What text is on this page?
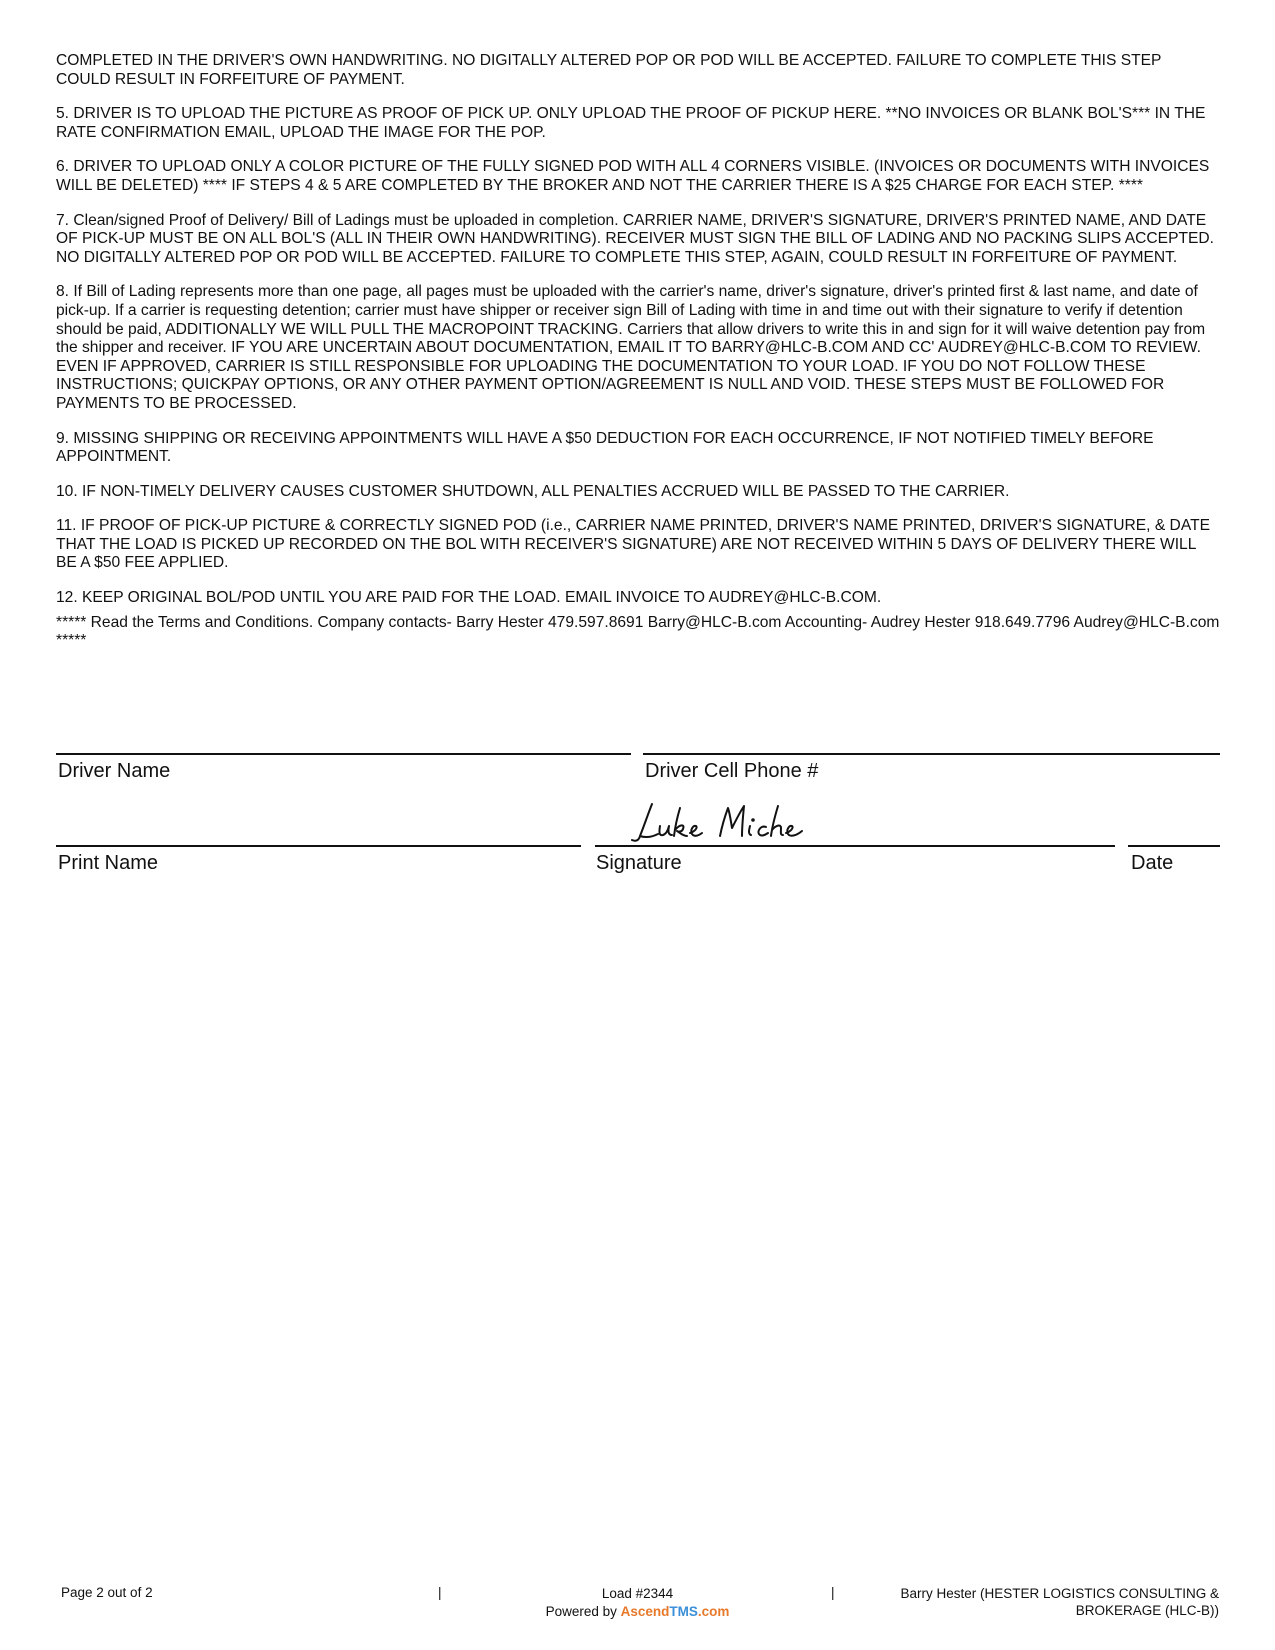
COMPLETED IN THE DRIVER'S OWN HANDWRITING. NO DIGITALLY ALTERED POP OR POD WILL BE ACCEPTED. FAILURE TO COMPLETE THIS STEP COULD RESULT IN FORFEITURE OF PAYMENT.

5. DRIVER IS TO UPLOAD THE PICTURE AS PROOF OF PICK UP. ONLY UPLOAD THE PROOF OF PICKUP HERE. **NO INVOICES OR BLANK BOL'S*** IN THE RATE CONFIRMATION EMAIL, UPLOAD THE IMAGE FOR THE POP.

6. DRIVER TO UPLOAD ONLY A COLOR PICTURE OF THE FULLY SIGNED POD WITH ALL 4 CORNERS VISIBLE. (INVOICES OR DOCUMENTS WITH INVOICES WILL BE DELETED) **** IF STEPS 4 & 5 ARE COMPLETED BY THE BROKER AND NOT THE CARRIER THERE IS A $25 CHARGE FOR EACH STEP. ****

7. Clean/signed Proof of Delivery/ Bill of Ladings must be uploaded in completion. CARRIER NAME, DRIVER'S SIGNATURE, DRIVER'S PRINTED NAME, AND DATE OF PICK-UP MUST BE ON ALL BOL'S (ALL IN THEIR OWN HANDWRITING). RECEIVER MUST SIGN THE BILL OF LADING AND NO PACKING SLIPS ACCEPTED. NO DIGITALLY ALTERED POP OR POD WILL BE ACCEPTED. FAILURE TO COMPLETE THIS STEP, AGAIN, COULD RESULT IN FORFEITURE OF PAYMENT.

8. If Bill of Lading represents more than one page, all pages must be uploaded with the carrier's name, driver's signature, driver's printed first & last name, and date of pick-up. If a carrier is requesting detention; carrier must have shipper or receiver sign Bill of Lading with time in and time out with their signature to verify if detention should be paid, ADDITIONALLY WE WILL PULL THE MACROPOINT TRACKING. Carriers that allow drivers to write this in and sign for it will waive detention pay from the shipper and receiver. IF YOU ARE UNCERTAIN ABOUT DOCUMENTATION, EMAIL IT TO BARRY@HLC-B.COM AND CC' AUDREY@HLC-B.COM TO REVIEW. EVEN IF APPROVED, CARRIER IS STILL RESPONSIBLE FOR UPLOADING THE DOCUMENTATION TO YOUR LOAD. IF YOU DO NOT FOLLOW THESE INSTRUCTIONS; QUICKPAY OPTIONS, OR ANY OTHER PAYMENT OPTION/AGREEMENT IS NULL AND VOID. THESE STEPS MUST BE FOLLOWED FOR PAYMENTS TO BE PROCESSED.

9. MISSING SHIPPING OR RECEIVING APPOINTMENTS WILL HAVE A $50 DEDUCTION FOR EACH OCCURRENCE, IF NOT NOTIFIED TIMELY BEFORE APPOINTMENT.

10. IF NON-TIMELY DELIVERY CAUSES CUSTOMER SHUTDOWN, ALL PENALTIES ACCRUED WILL BE PASSED TO THE CARRIER.

11. IF PROOF OF PICK-UP PICTURE & CORRECTLY SIGNED POD (i.e., CARRIER NAME PRINTED, DRIVER'S NAME PRINTED, DRIVER'S SIGNATURE, & DATE THAT THE LOAD IS PICKED UP RECORDED ON THE BOL WITH RECEIVER'S SIGNATURE) ARE NOT RECEIVED WITHIN 5 DAYS OF DELIVERY THERE WILL BE A $50 FEE APPLIED.

12. KEEP ORIGINAL BOL/POD UNTIL YOU ARE PAID FOR THE LOAD. EMAIL INVOICE TO AUDREY@HLC-B.COM.

***** Read the Terms and Conditions. Company contacts- Barry Hester 479.597.8691 Barry@HLC-B.com Accounting- Audrey Hester 918.649.7796 Audrey@HLC-B.com *****

Driver Name	Driver Cell Phone #
Print Name	Signature	Date
Page 2 out of 2	|	Load #2344
Powered by AscendTMS.com
|	Barry Hester (HESTER LOGISTICS CONSULTING & BROKERAGE (HLC-B))
